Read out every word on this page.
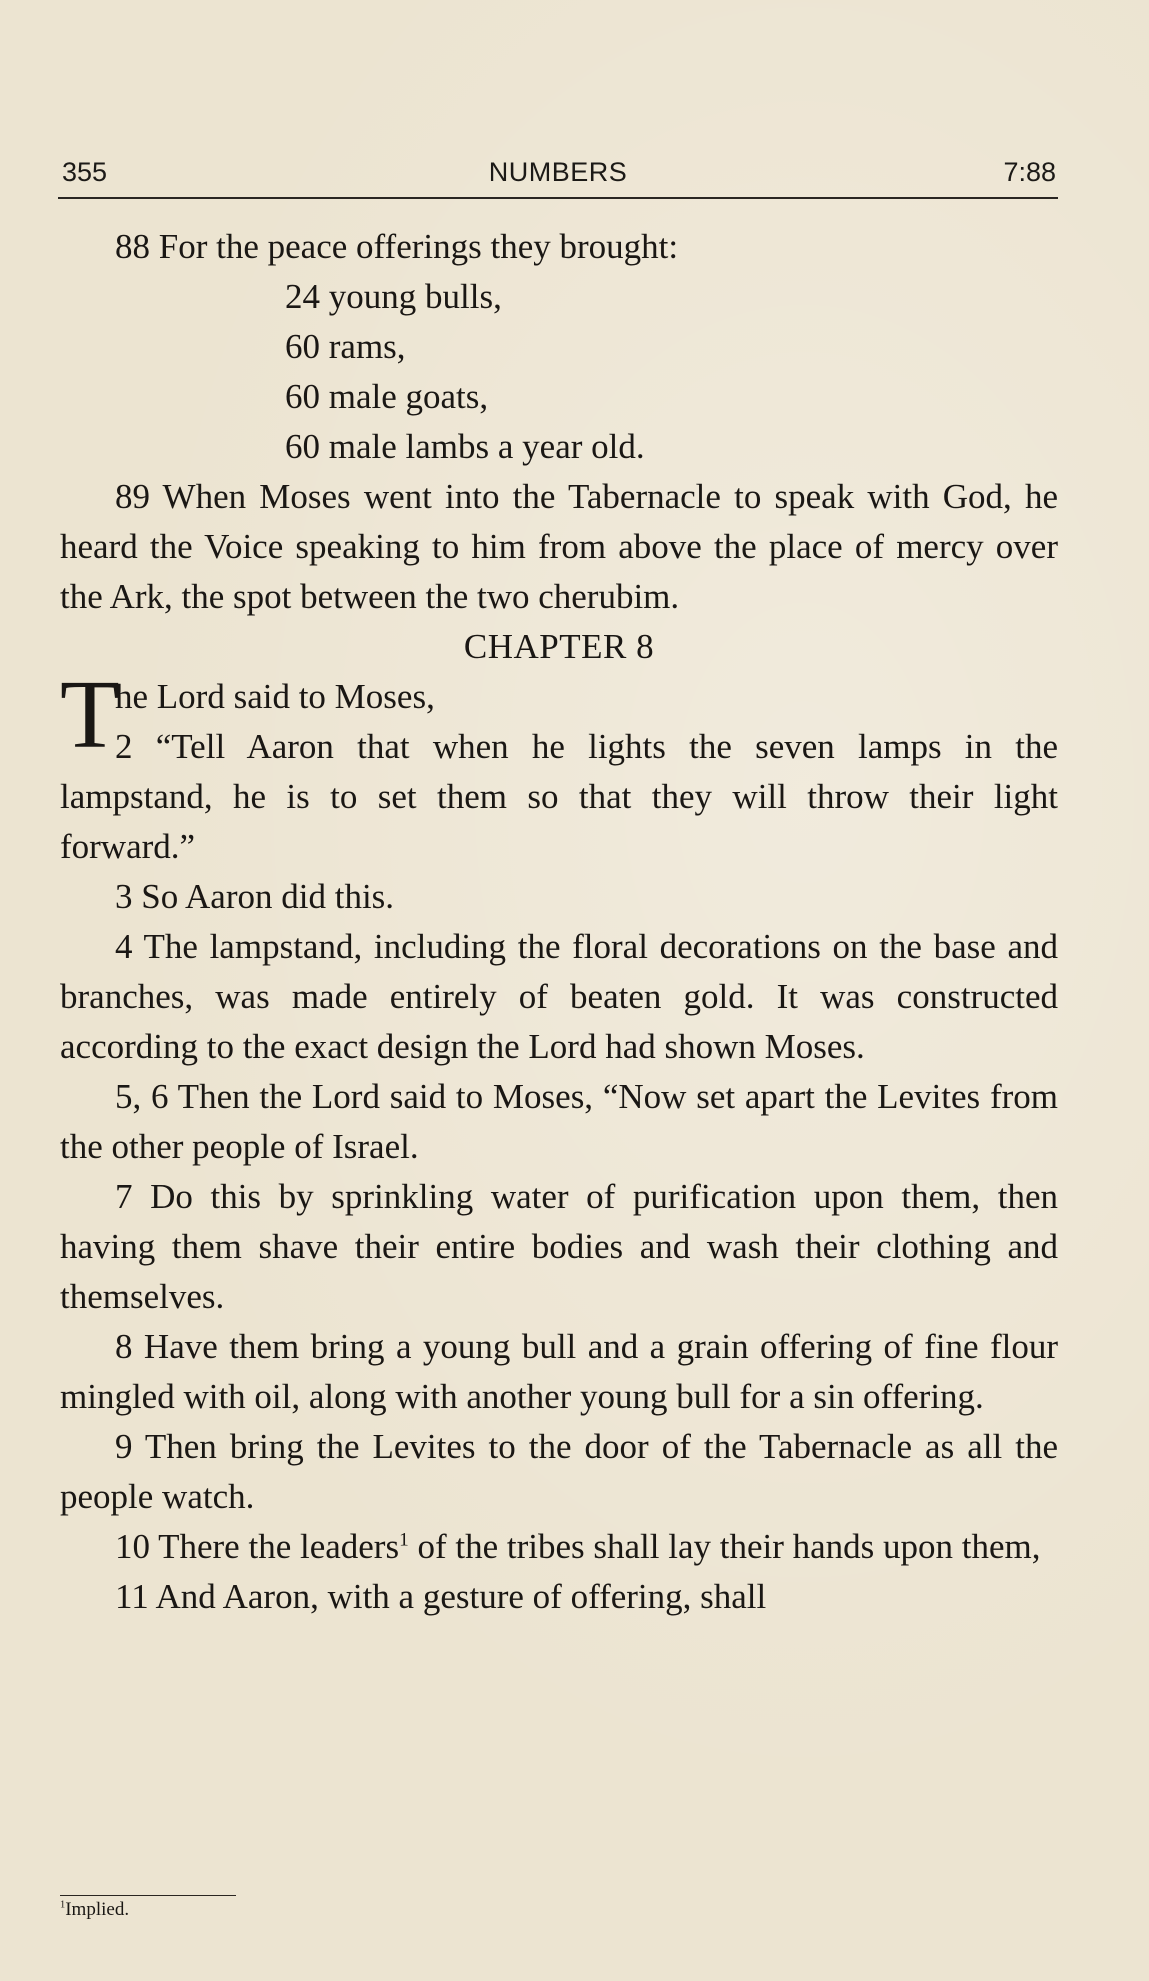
355	NUMBERS	7:88

88 For the peace offerings they brought:

24 young bulls,

60 rams,

60 male goats,

60 male lambs a year old.

89 When Moses went into the Tabernacle to speak with God, he heard the Voice speaking to him from above the place of mercy over the Ark, the spot between the two cherubim.

CHAPTER 8

T
he Lord said to Moses,

2 “Tell Aaron that when he lights the seven lamps in the lampstand, he is to set them so that they will throw their light forward.”

3 So Aaron did this.

4 The lampstand, including the floral decorations on the base and branches, was made entirely of beaten gold. It was constructed according to the exact design the Lord had shown Moses.

5, 6 Then the Lord said to Moses, “Now set apart the Levites from the other people of Israel.

7 Do this by sprinkling water of purification upon them, then having them shave their entire bodies and wash their clothing and themselves.

8 Have them bring a young bull and a grain offering of fine flour mingled with oil, along with another young bull for a sin offering.

9 Then bring the Levites to the door of the Tabernacle as all the people watch.

10 There the leaders$^1$ of the tribes shall lay their hands upon them,

11 And Aaron, with a gesture of offering, shall

$^1$Implied.
